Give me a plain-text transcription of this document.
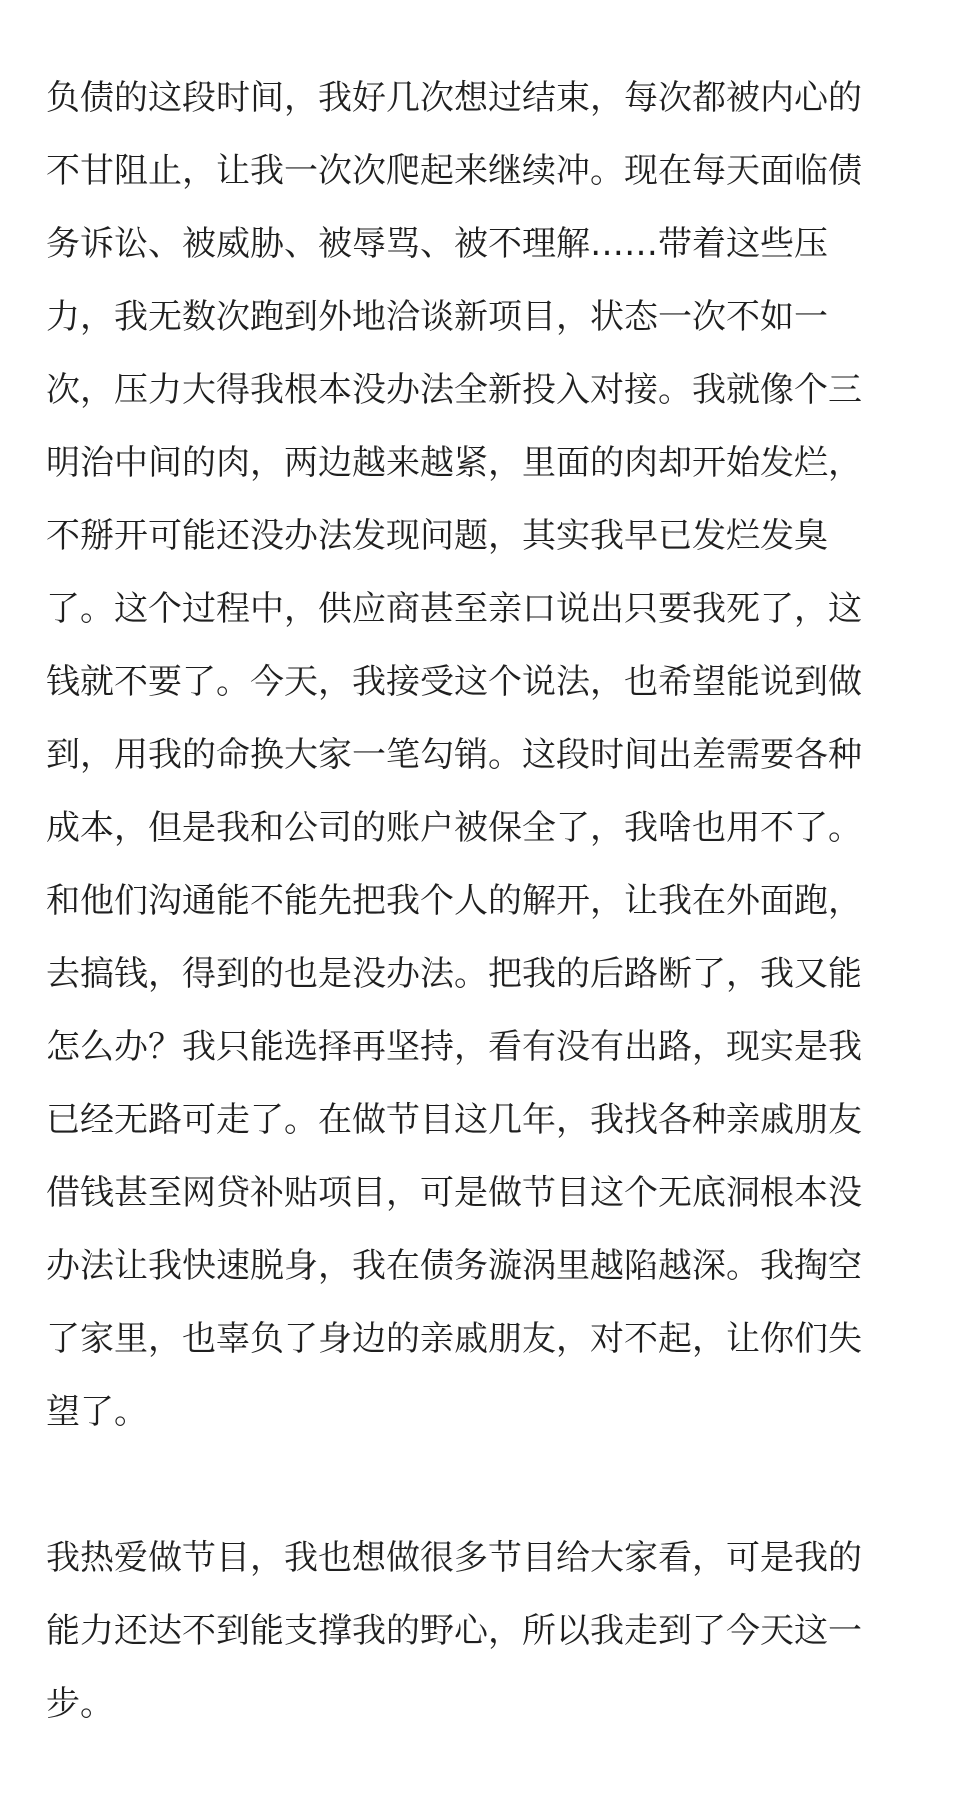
负债的这段时间，我好几次想过结束，每次都被内心的
不甘阻止，让我一次次爬起来继续冲。现在每天面临债
务诉讼、被威胁、被辱骂、被不理解……带着这些压
力，我无数次跑到外地洽谈新项目，状态一次不如一
次，压力大得我根本没办法全新投入对接。我就像个三
明治中间的肉，两边越来越紧，里面的肉却开始发烂，
不掰开可能还没办法发现问题，其实我早已发烂发臭
了。这个过程中，供应商甚至亲口说出只要我死了，这
钱就不要了。今天，我接受这个说法，也希望能说到做
到，用我的命换大家一笔勾销。这段时间出差需要各种
成本，但是我和公司的账户被保全了，我啥也用不了。
和他们沟通能不能先把我个人的解开，让我在外面跑，
去搞钱，得到的也是没办法。把我的后路断了，我又能
怎么办？我只能选择再坚持，看有没有出路，现实是我
已经无路可走了。在做节目这几年，我找各种亲戚朋友
借钱甚至网贷补贴项目，可是做节目这个无底洞根本没
办法让我快速脱身，我在债务漩涡里越陷越深。我掏空
了家里，也辜负了身边的亲戚朋友，对不起，让你们失
望了。
我热爱做节目，我也想做很多节目给大家看，可是我的
能力还达不到能支撑我的野心，所以我走到了今天这一
步。
